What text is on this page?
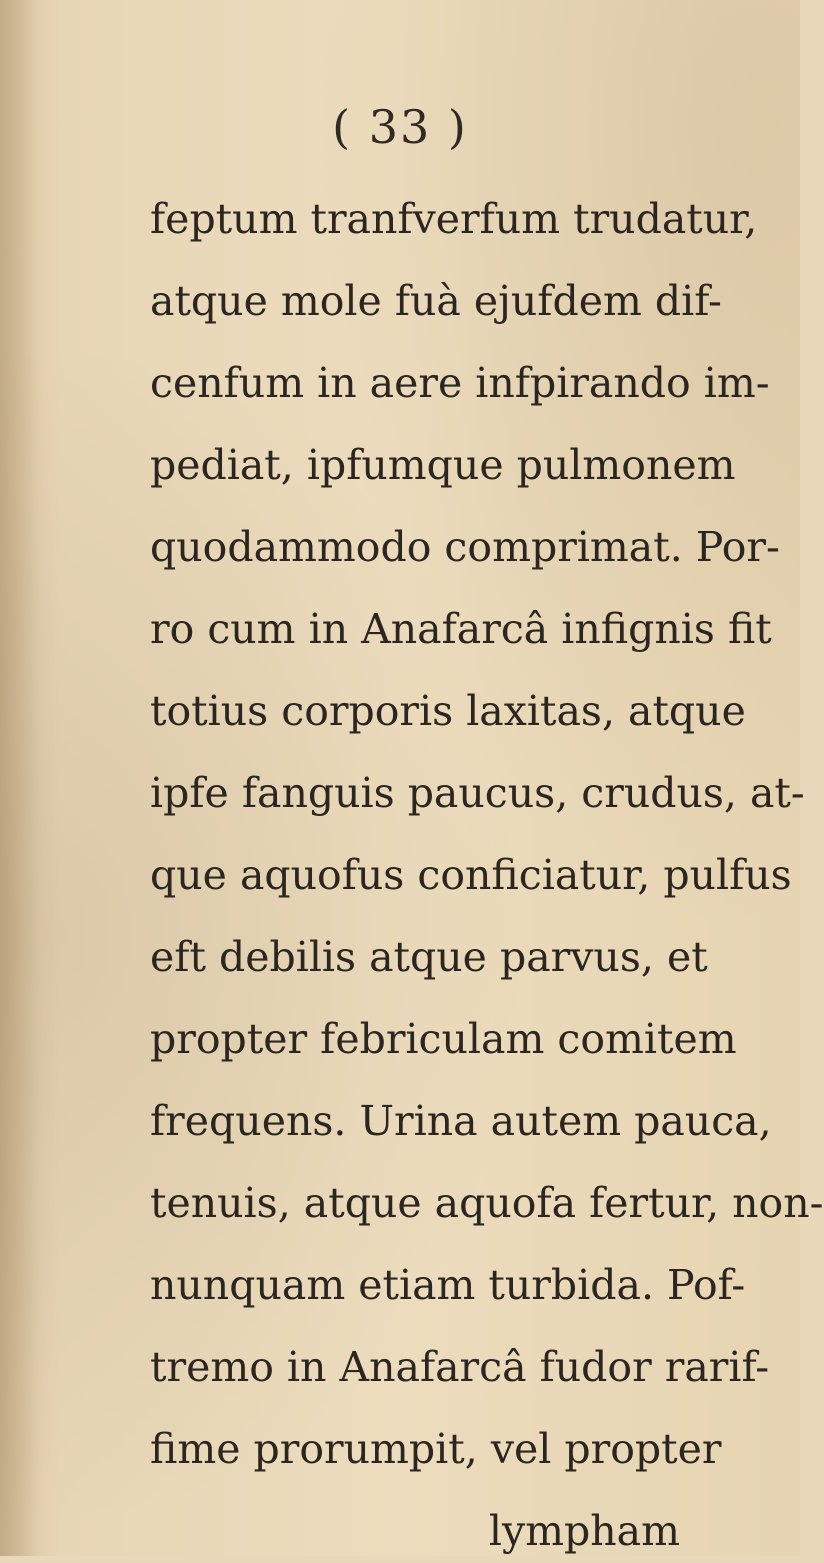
( 33 )

feptum tranfverfum trudatur,

atque mole fuà ejufdem dif-

cenfum in aere infpirando im-

pediat, ipfumque pulmonem

quodammodo comprimat. Por-

ro cum in Anafarcâ infignis fit

totius corporis laxitas, atque

ipfe fanguis paucus, crudus, at-

que aquofus conficiatur, pulfus

eft debilis atque parvus, et

propter febriculam comitem

frequens. Urina autem pauca,

tenuis, atque aquofa fertur, non-

nunquam etiam turbida. Pof-

tremo in Anafarcâ fudor rarif-

fime prorumpit, vel propter

lympham
